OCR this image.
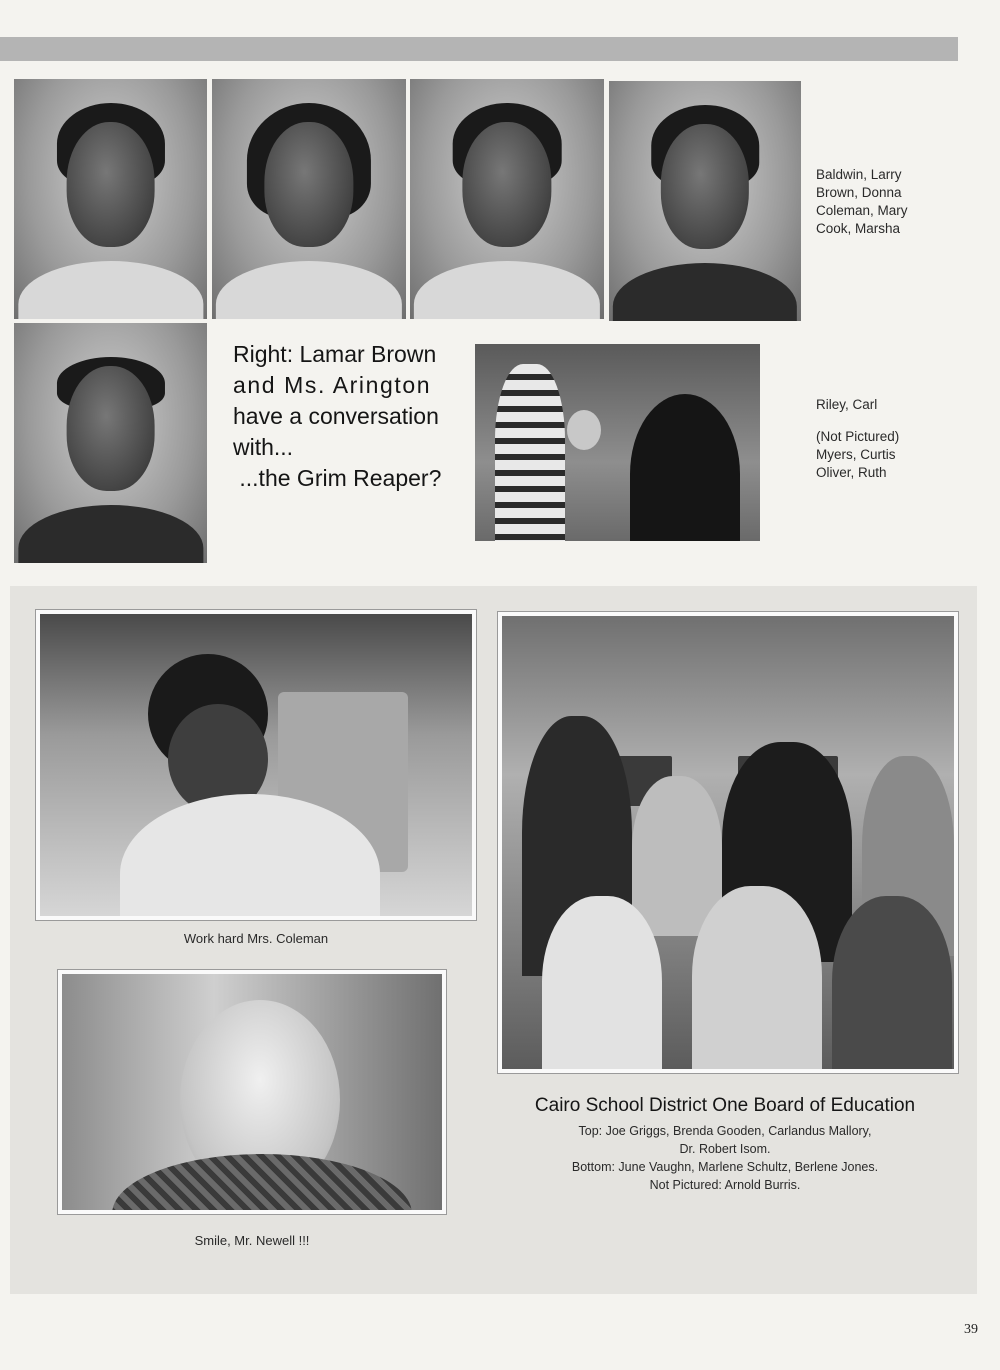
Baldwin, Larry
Brown, Donna
Coleman, Mary
Cook, Marsha
Right: Lamar Brown
and Ms. Arington
have a conversation
with...
...the Grim Reaper?
Riley, Carl
(Not Pictured)
Myers, Curtis
Oliver, Ruth
Work hard Mrs. Coleman
Smile, Mr. Newell !!!
Cairo School District One Board of Education
Top: Joe Griggs, Brenda Gooden, Carlandus Mallory,
Dr. Robert Isom.
Bottom: June Vaughn, Marlene Schultz, Berlene Jones.
Not Pictured: Arnold Burris.
39
